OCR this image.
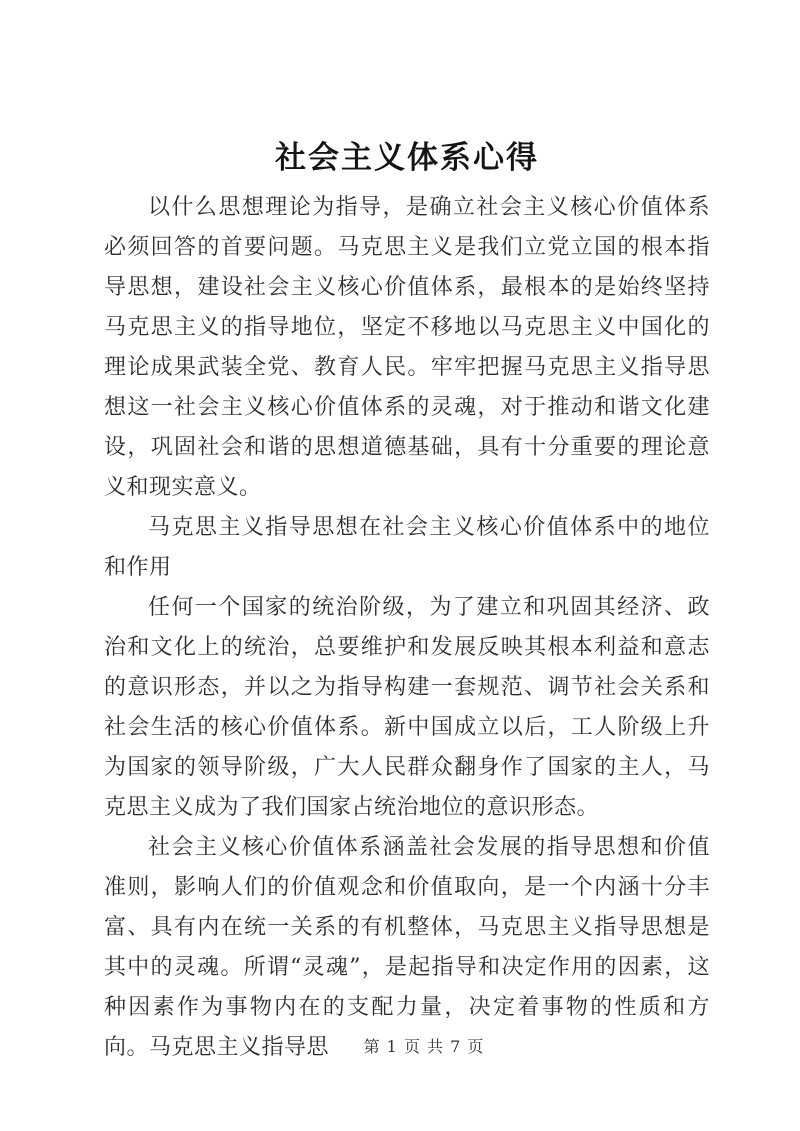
社会主义体系心得

以什么思想理论为指导，是确立社会主义核心价值体系必须回答的首要问题。马克思主义是我们立党立国的根本指导思想，建设社会主义核心价值体系，最根本的是始终坚持马克思主义的指导地位，坚定不移地以马克思主义中国化的理论成果武装全党、教育人民。牢牢把握马克思主义指导思想这一社会主义核心价值体系的灵魂，对于推动和谐文化建设，巩固社会和谐的思想道德基础，具有十分重要的理论意义和现实意义。

马克思主义指导思想在社会主义核心价值体系中的地位和作用

任何一个国家的统治阶级，为了建立和巩固其经济、政治和文化上的统治，总要维护和发展反映其根本利益和意志的意识形态，并以之为指导构建一套规范、调节社会关系和社会生活的核心价值体系。新中国成立以后，工人阶级上升为国家的领导阶级，广大人民群众翻身作了国家的主人，马克思主义成为了我们国家占统治地位的意识形态。

社会主义核心价值体系涵盖社会发展的指导思想和价值准则，影响人们的价值观念和价值取向，是一个内涵十分丰富、具有内在统一关系的有机整体，马克思主义指导思想是其中的灵魂。所谓“灵魂”，是起指导和决定作用的因素，这种因素作为事物内在的支配力量，决定着事物的性质和方向。马克思主义指导思	第 1 页 共 7 页
